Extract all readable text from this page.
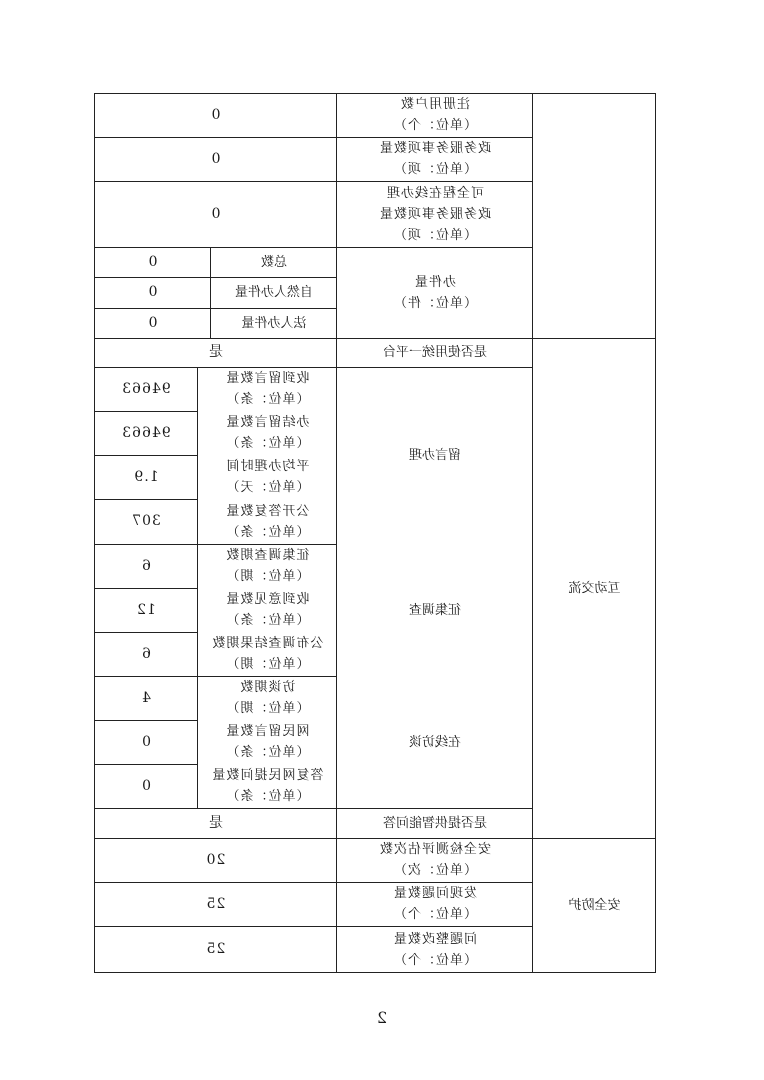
注册用户数
（单位：个）
0
政务服务事项数量
（单位：项）
0
可全程在线办理
政务服务事项数量
（单位：项）
0
办件量
（单位：件）
总数
0
自然人办件量
0
法人办件量
0
是否使用统一平台
是
留言办理
收到留言数量
（单位：条）
94663
办结留言数量
（单位：条）
94663
平均办理时间
（单位：天）
1.9
公开答复数量
（单位：条）
307
征集调查
征集调查期数
（单位：期）
6
收到意见数量
（单位：条）
12
公布调查结果期数
（单位：期）
6
在线访谈
访谈期数
（单位：期）
4
网民留言数量
（单位：条）
0
答复网民提问数量
（单位：条）
0
是否提供智能问答
是
互动交流
安全防护
安全检测评估次数
（单位：次）
20
发现问题数量
（单位：个）
25
问题整改数量
（单位：个）
25
2
